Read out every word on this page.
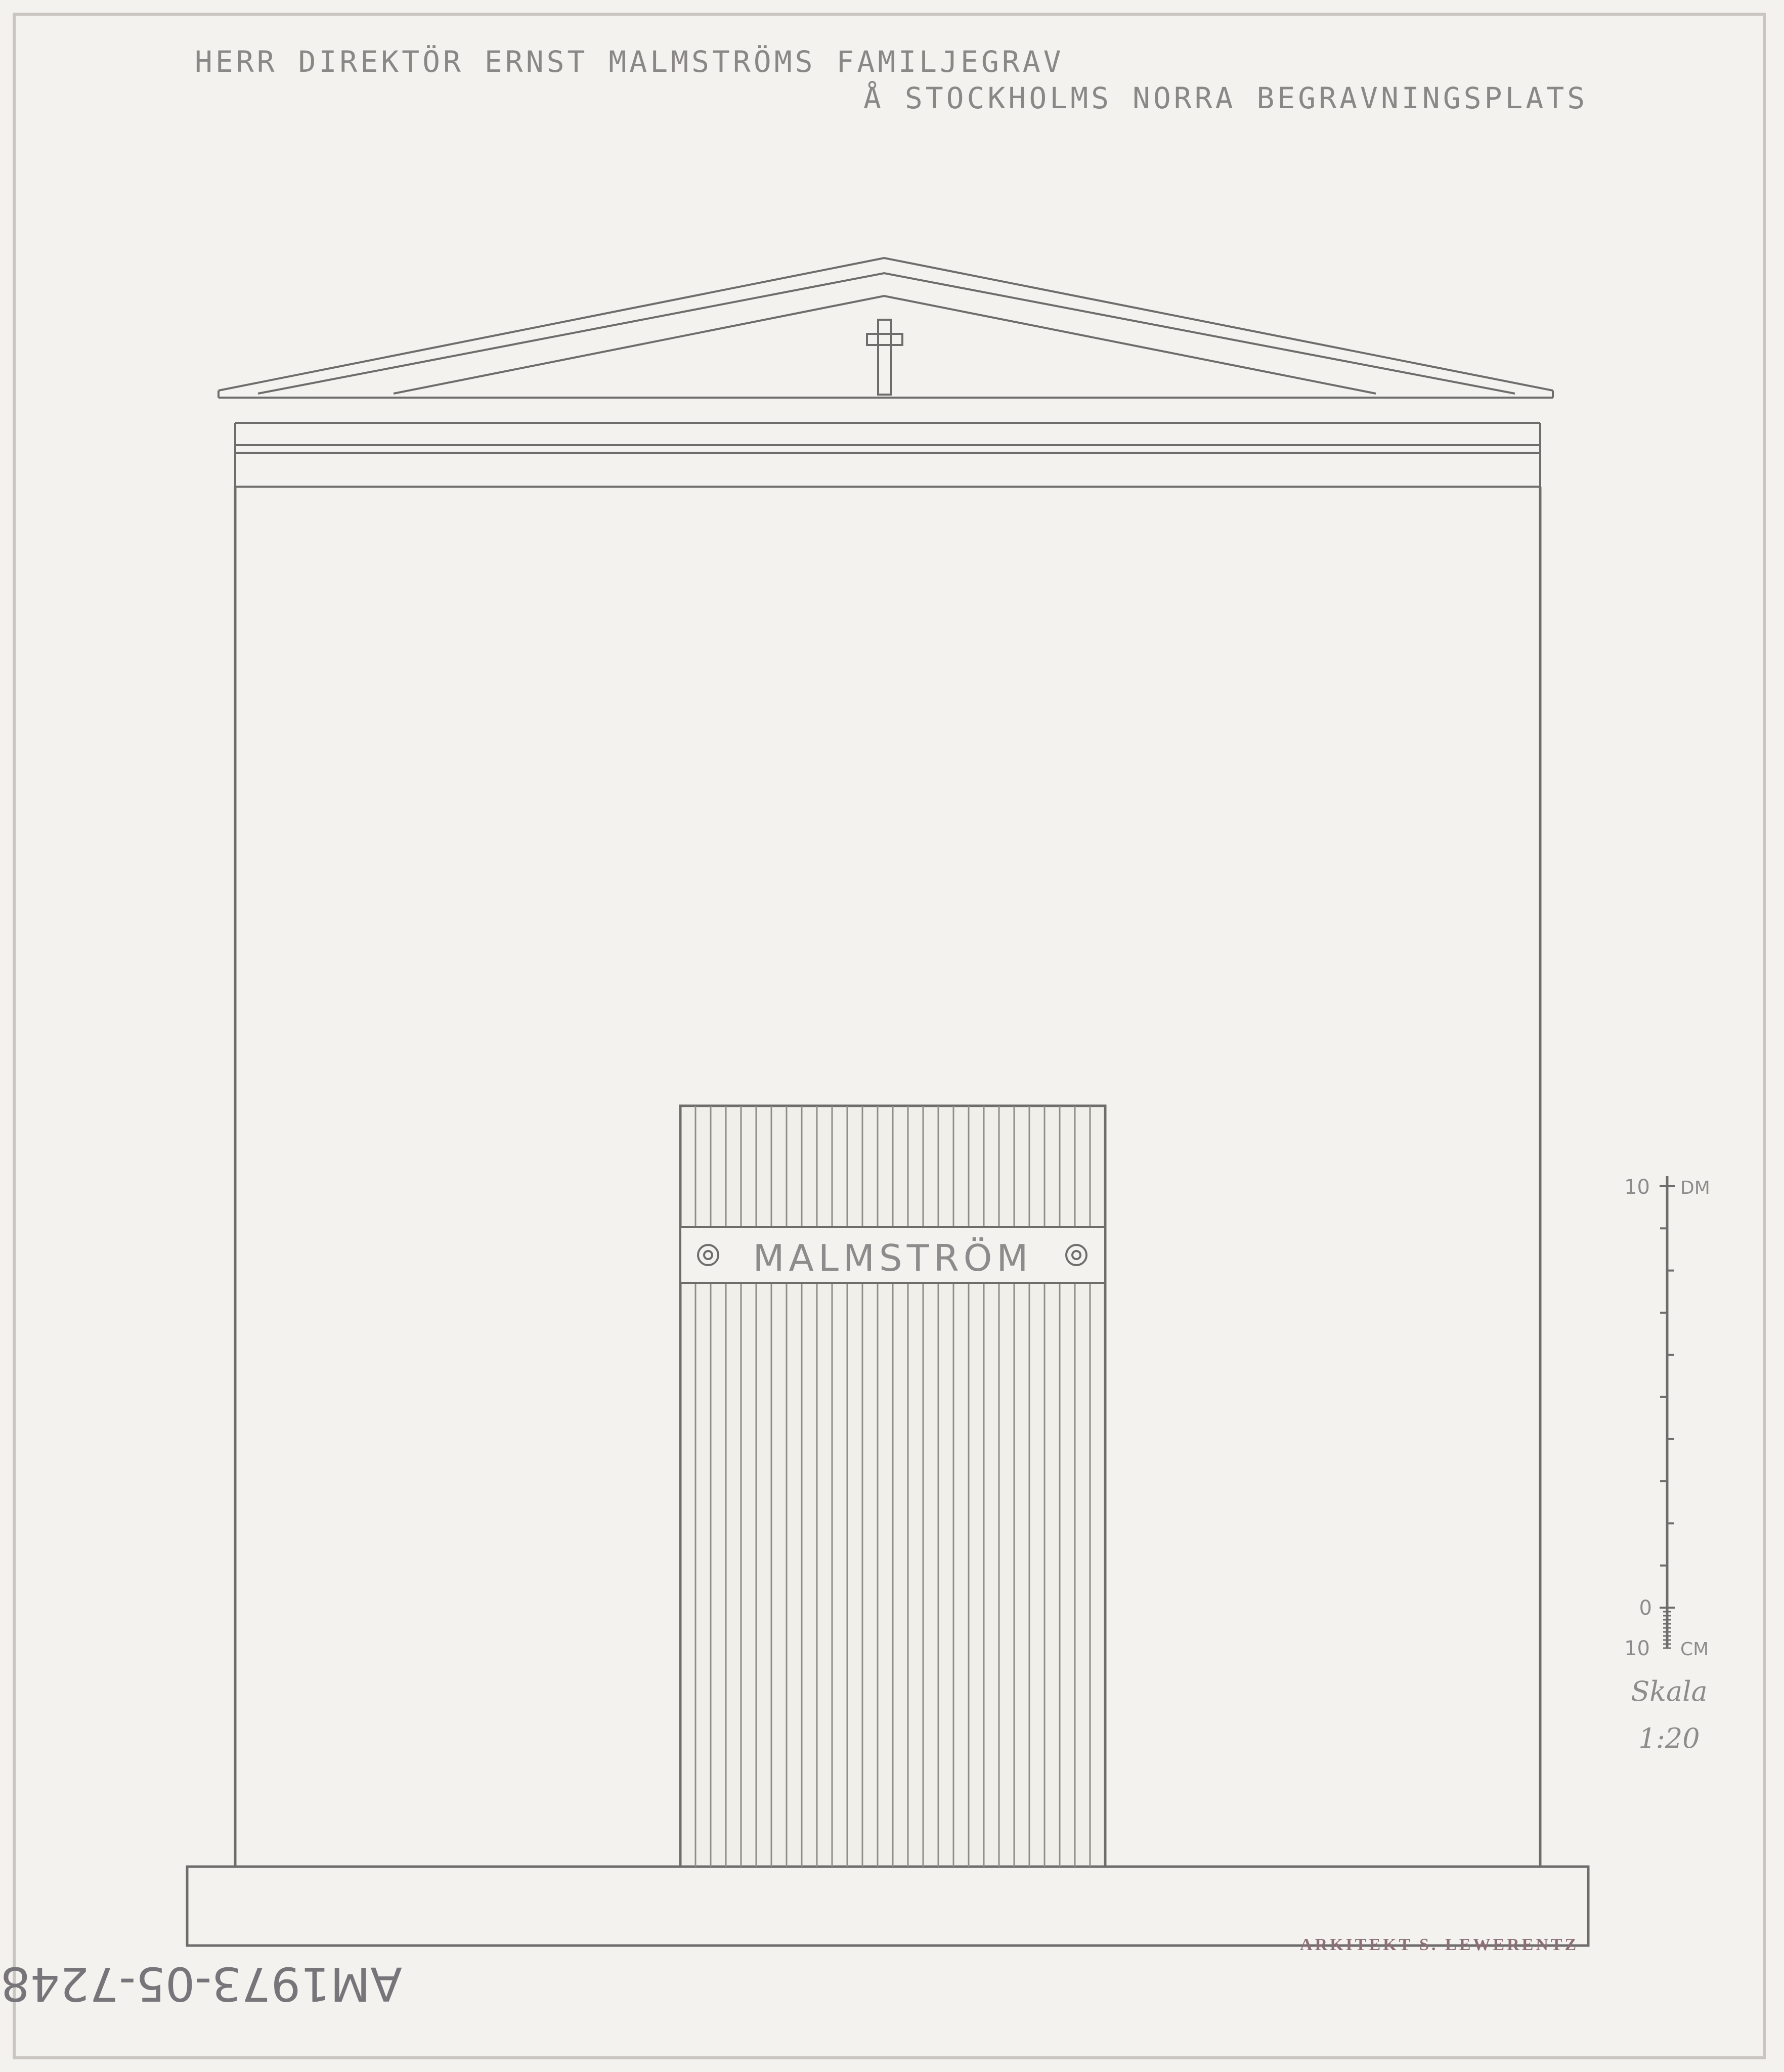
MALMSTRÖM
10 DM
0
10 CM
Skala
1:20
HERR DIREKTÖR ERNST MALMSTRÖMS FAMILJEGRAV
Å STOCKHOLMS NORRA BEGRAVNINGSPLATS
ARKITEKT S. LEWERENTZ
AM1973-05-7248
